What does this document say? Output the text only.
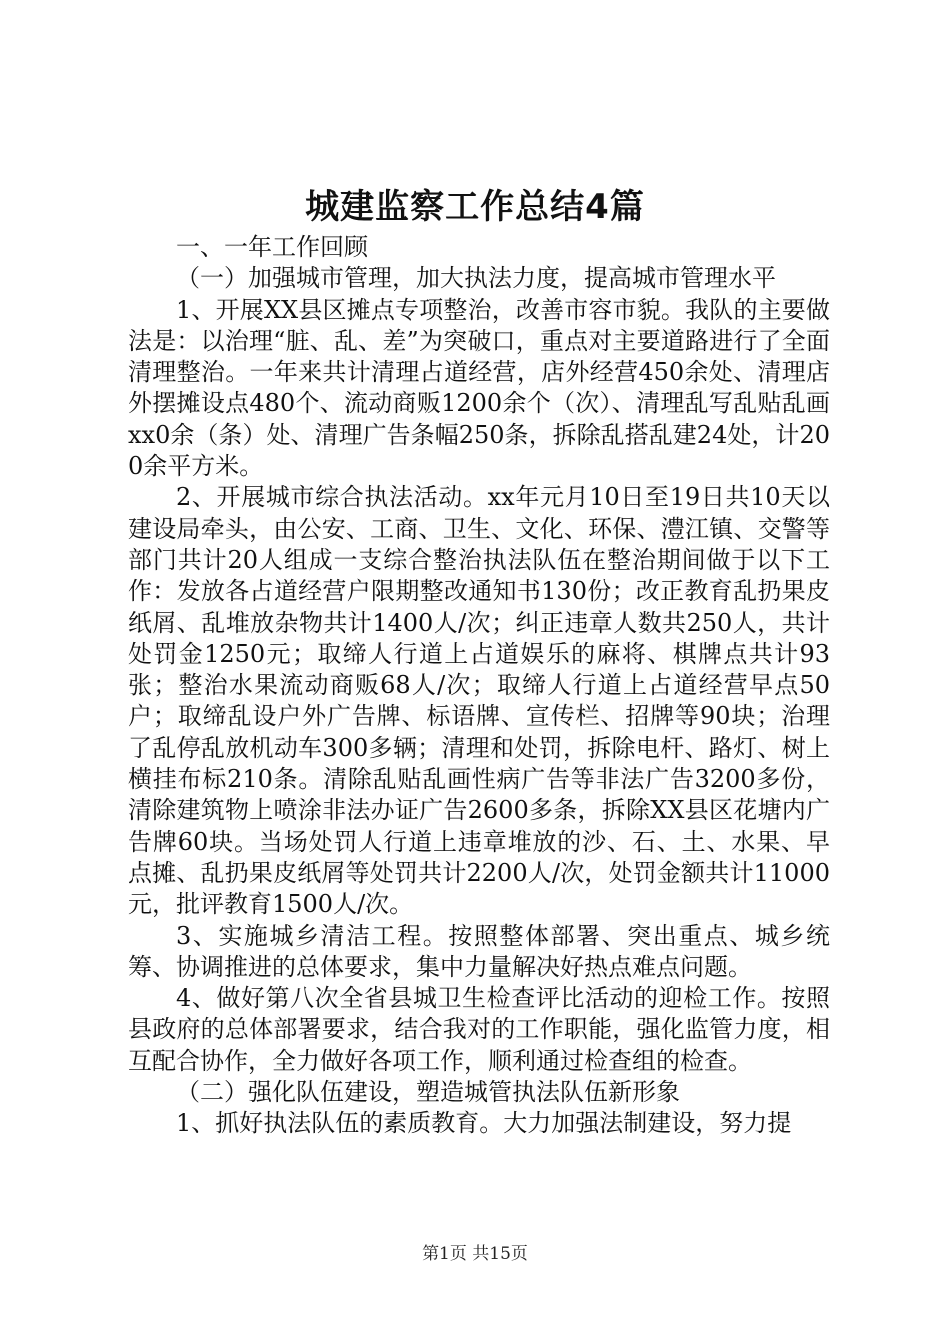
城建监察工作总结4篇

一、一年工作回顾

（一）加强城市管理，加大执法力度，提高城市管理水平

1、开展XX县区摊点专项整治，改善市容市貌。我队的主要做法是：以治理“脏、乱、差”为突破口，重点对主要道路进行了全面清理整治。一年来共计清理占道经营，店外经营450余处、清理店外摆摊设点480个、流动商贩1200余个（次）、清理乱写乱贴乱画xx0余（条）处、清理广告条幅250条，拆除乱搭乱建24处，计200余平方米。

2、开展城市综合执法活动。xx年元月10日至19日共10天以建设局牵头，由公安、工商、卫生、文化、环保、澧江镇、交警等部门共计20人组成一支综合整治执法队伍在整治期间做于以下工作：发放各占道经营户限期整改通知书130份；改正教育乱扔果皮纸屑、乱堆放杂物共计1400人/次；纠正违章人数共250人，共计处罚金1250元；取缔人行道上占道娱乐的麻将、棋牌点共计93张；整治水果流动商贩68人/次；取缔人行道上占道经营早点50户；取缔乱设户外广告牌、标语牌、宣传栏、招牌等90块；治理了乱停乱放机动车300多辆；清理和处罚，拆除电杆、路灯、树上横挂布标210条。清除乱贴乱画性病广告等非法广告3200多份，清除建筑物上喷涂非法办证广告2600多条，拆除XX县区花塘内广告牌60块。当场处罚人行道上违章堆放的沙、石、土、水果、早点摊、乱扔果皮纸屑等处罚共计2200人/次，处罚金额共计11000元，批评教育1500人/次。

3、实施城乡清洁工程。按照整体部署、突出重点、城乡统筹、协调推进的总体要求，集中力量解决好热点难点问题。

4、做好第八次全省县城卫生检查评比活动的迎检工作。按照县政府的总体部署要求，结合我对的工作职能，强化监管力度，相互配合协作，全力做好各项工作，顺利通过检查组的检查。

（二）强化队伍建设，塑造城管执法队伍新形象

1、抓好执法队伍的素质教育。大力加强法制建设，努力提

第1页 共15页
